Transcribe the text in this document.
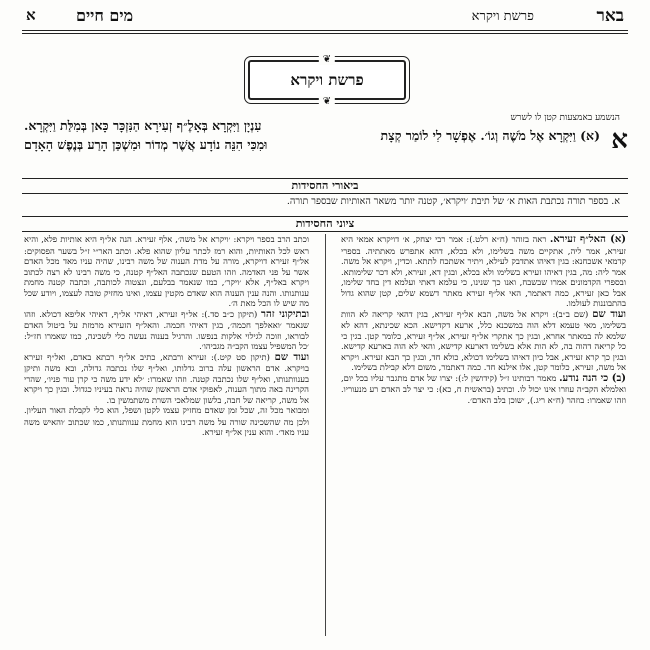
באר
פרשת ויקרא
מים חיים
א
❦
פרשת ויקרא
❦
הנשמע באמצעות קטן לו לשרש
א
(א) וַיִּקְרָא אֶל מֹשֶׁה וְגוֹ׳. אֶפְשָׁר לִי לוֹמַר קְצָת
עִנְיָן וַיִּקְרָא בְּאָלֶ״ף זְעִירָא הַנִּזְכָּר כָּאן בְּמִלַּת וַיִּקְרָא.
וּמִכִּי הִנֵּה נוֹדָע אֲשֶׁר מְדוֹר וּמִשְׁכַּן הָרַע בְּנֶפֶשׁ הָאָדָם
ביאורי החסידות
א. בספר תורה נכתבת האות א׳ של תיבת ׳ויקרא׳, קטנה יותר משאר האותיות שבספר תורה.
ציוני החסידות

(א) האל״ף זעירא. ראה בזוהר (ח״א רלט.): אמר רבי יצחק, א׳ דויקרא אמאי היא זעירא, אמר ליה, אתקיים משה בשלימו, ולא בכלא, דהא אתפרש מאתתיה. בספרי קדמאי אשכחנא: בגין דאיהו אתדבק לעילא, ויתיר אשתכח לתתא. וכדין, ויקרא אל משה. אמר ליה: מה, בגין דאיהו זעירא בשלימו ולא בכלא, ובגין דא, זעירא, ולא דכר שלימותא. ובספרי הקדמונים אמרו שבשבח, ואנו כך שנינו, כי עלמא דאתי ועלמא דין בחד שלימו, אבל כאן זעירא, כמה דאתמר, האי אל״ף זעירא מאתר דשמא שלים, קטן שהוא גדול בהתבוננות לעולמו.

ועוד שם (שם ב״ב): ויקרא אל משה, הבא אל״ף זעירא, בגין דהאי קריאה לא הוות בשלימו, מאי טעמא דלא הוה במשכנא כלל, ארעא דקדישא. הכא שכינתא, דהא לא שלמא לה במאתר אחרא, ובגין כך אתקרי אל״ף זעירא, אל״ף זעירא, כלומר קטן. בגין כי כל קריאה דהוה בה, לא הות אלא בשלימו דארעא קדישא, והאי לא הוה בארעא קדישא. ובגין כך קרא זעירא, אבל כיון דאיהו בשלימו דכולא, כולא חד, ובגין כך הבא זעירא. ויקרא אל משה, זעירא, כלומר קטן, אלו אילנא חד. כמה דאתמר, משום דלא קבילת בשלימו.

(ב) כי הנה נודע. מאמר רבותינו ז״ל (קידושין ל:): יצרו של אדם מתגבר עליו בכל יום, ואלמלא הקב״ה עוזרו אינו יכול לו. וכתיב (בראשית ח, כא): כי יצר לב האדם רע מנעוריו. וזהו שאמרו: בוזהר (ח״א ריג.), ׳שוכן בלב האדם׳.

וכתב הרב בספר ויקרא: ׳ויקרא אל משה׳, אלף זעירא. הנה אל״ף היא אותיות פלא, והיא ראש לכל האותיות, והוא רמז לכתר עליון שהוא פלא. וכתב האר״י ז״ל בשער הפסוקים: אל״ף זעירא דויקרא, מורה על מדת הענוה של משה רבינו, שהיה עניו מאד מכל האדם אשר על פני האדמה. וזהו הטעם שנכתבה האל״ף קטנה, כי משה רבינו לא רצה לכתוב ויקרא באל״ף, אלא ׳ויקר׳, כמו שנאמר בבלעם, ונצטוה לכותבה, וכתבה קטנה מחמת ענותנותו. והנה ענין הענוה הוא שאדם מקטין עצמו, ואינו מחזיק טובה לעצמו, ויודע שכל מה שיש לו הכל מאת ה׳.

ובתיקוני זהר (תיקון כ״ב סד.): אל״ף זעירא, דאיהי אל״ף, דאיהי אליפא דכולא. וזהו שנאמר ׳ואאלפך חכמה׳, בגין דאיהי חכמה. והאל״ף הזעירא מרמזת על ביטול האדם לבוראו, וזוכה לגילוי אלקות בנפשו. והרגיל בענוה נעשה כלי לשכינה, כמו שאמרו חז״ל: ׳כל המשפיל עצמו הקב״ה מגביהו׳.

ועוד שם (תיקון סט קיט.): זעירא ורבתא, כתיב אל״ף רבתא באדם, ואל״ף זעירא בויקרא. אדם הראשון עלה ברוב גדלותו, ואל״ף שלו נכתבה גדולה, ובא משה ותיקן בענוותנותו, ואל״ף שלו נכתבה קטנה. וזהו שאמרו: ׳לא ידע משה כי קרן עור פניו׳, שהרי הקרינה באה מתוך הענוה, לאפוקי אדם הראשון שהיה נראה בעיניו כגדול. ובגין כך ויקרא אל משה, קריאה של חבה, בלשון שמלאכי השרת משתמשין בו.

ומבואר מכל זה, שכל זמן שאדם מחזיק עצמו לקטן ושפל, הוא כלי לקבלת האור העליון. ולכן מה שהשכינה שורה על משה רבינו הוא מחמת ענוותנותו, כמו שכתוב ׳והאיש משה עניו מאד׳. והוא ענין אל״ף זעירא.
